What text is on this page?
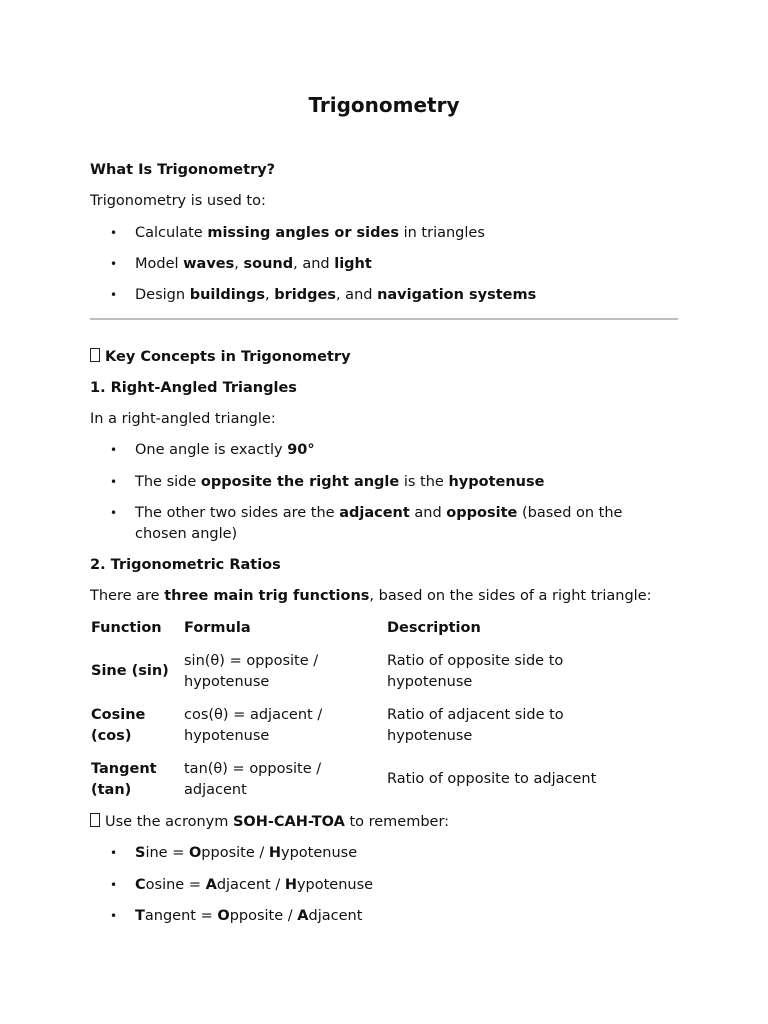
Trigonometry

What Is Trigonometry?

Trigonometry is used to:

• Calculate missing angles or sides in triangles

• Model waves, sound, and light

• Design buildings, bridges, and navigation systems

Key Concepts in Trigonometry

1. Right-Angled Triangles

In a right-angled triangle:

• One angle is exactly 90°

• The side opposite the right angle is the hypotenuse

• The other two sides are the adjacent and opposite (based on the chosen angle)

2. Trigonometric Ratios

There are three main trig functions, based on the sides of a right triangle:

Function	Formula	Description

Sine (sin)

sin(θ) = opposite / hypotenuse

Ratio of opposite side to hypotenuse

Cosine (cos)

cos(θ) = adjacent / hypotenuse

Ratio of adjacent side to hypotenuse

Tangent (tan)

tan(θ) = opposite / adjacent

Ratio of opposite to adjacent

Use the acronym SOH-CAH-TOA to remember:

• Sine = Opposite / Hypotenuse

• Cosine = Adjacent / Hypotenuse

• Tangent = Opposite / Adjacent
